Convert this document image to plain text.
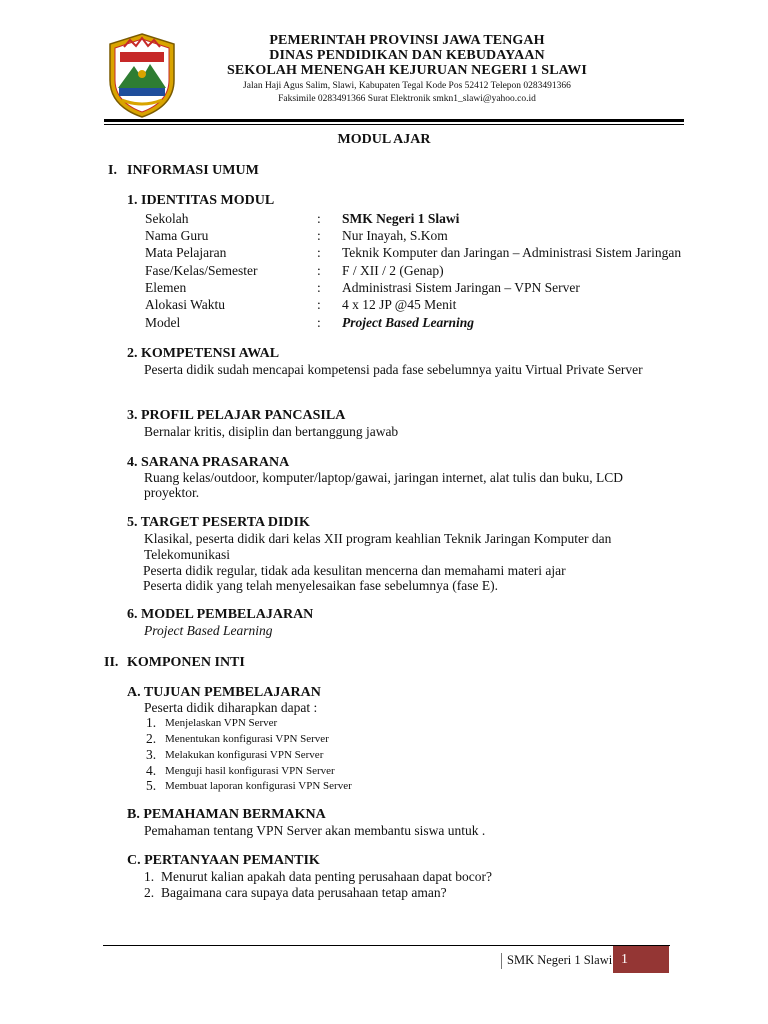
PEMERINTAH PROVINSI JAWA TENGAH
DINAS PENDIDIKAN DAN KEBUDAYAAN
SEKOLAH MENENGAH KEJURUAN NEGERI 1 SLAWI
Jalan Haji Agus Salim, Slawi, Kabupaten Tegal Kode Pos 52412 Telepon 0283491366
Faksimile 0283491366 Surat Elektronik smkn1_slawi@yahoo.co.id
MODUL AJAR
I. INFORMASI UMUM
1. IDENTITAS MODUL
Sekolah	: SMK Negeri 1 Slawi
Nama Guru	: Nur Inayah, S.Kom
Mata Pelajaran	: Teknik Komputer dan Jaringan – Administrasi Sistem Jaringan
Fase/Kelas/Semester	: F / XII / 2 (Genap)
Elemen	: Administrasi Sistem Jaringan – VPN Server
Alokasi Waktu	: 4 x 12 JP @45 Menit
Model	: Project Based Learning
2. KOMPETENSI AWAL
Peserta didik sudah mencapai kompetensi pada fase sebelumnya yaitu Virtual Private Server
3. PROFIL PELAJAR PANCASILA
Bernalar kritis, disiplin dan bertanggung jawab
4. SARANA PRASARANA
Ruang kelas/outdoor, komputer/laptop/gawai, jaringan internet, alat tulis dan buku, LCD
proyektor.
5. TARGET PESERTA DIDIK
Klasikal, peserta didik dari kelas XII program keahlian Teknik Jaringan Komputer dan
Telekomunikasi
Peserta didik regular, tidak ada kesulitan mencerna dan memahami materi ajar
Peserta didik yang telah menyelesaikan fase sebelumnya (fase E).
6. MODEL PEMBELAJARAN
Project Based Learning
II. KOMPONEN INTI
A. TUJUAN PEMBELAJARAN
Peserta didik diharapkan dapat :
1. Menjelaskan VPN Server
2. Menentukan konfigurasi VPN Server
3. Melakukan konfigurasi VPN Server
4. Menguji hasil konfigurasi VPN Server
5. Membuat laporan konfigurasi VPN Server
B. PEMAHAMAN BERMAKNA
Pemahaman tentang VPN Server akan membantu siswa untuk .
C. PERTANYAAN PEMANTIK
1. Menurut kalian apakah data penting perusahaan dapat bocor?
2. Bagaimana cara supaya data perusahaan tetap aman?
SMK Negeri 1 Slawi 1
